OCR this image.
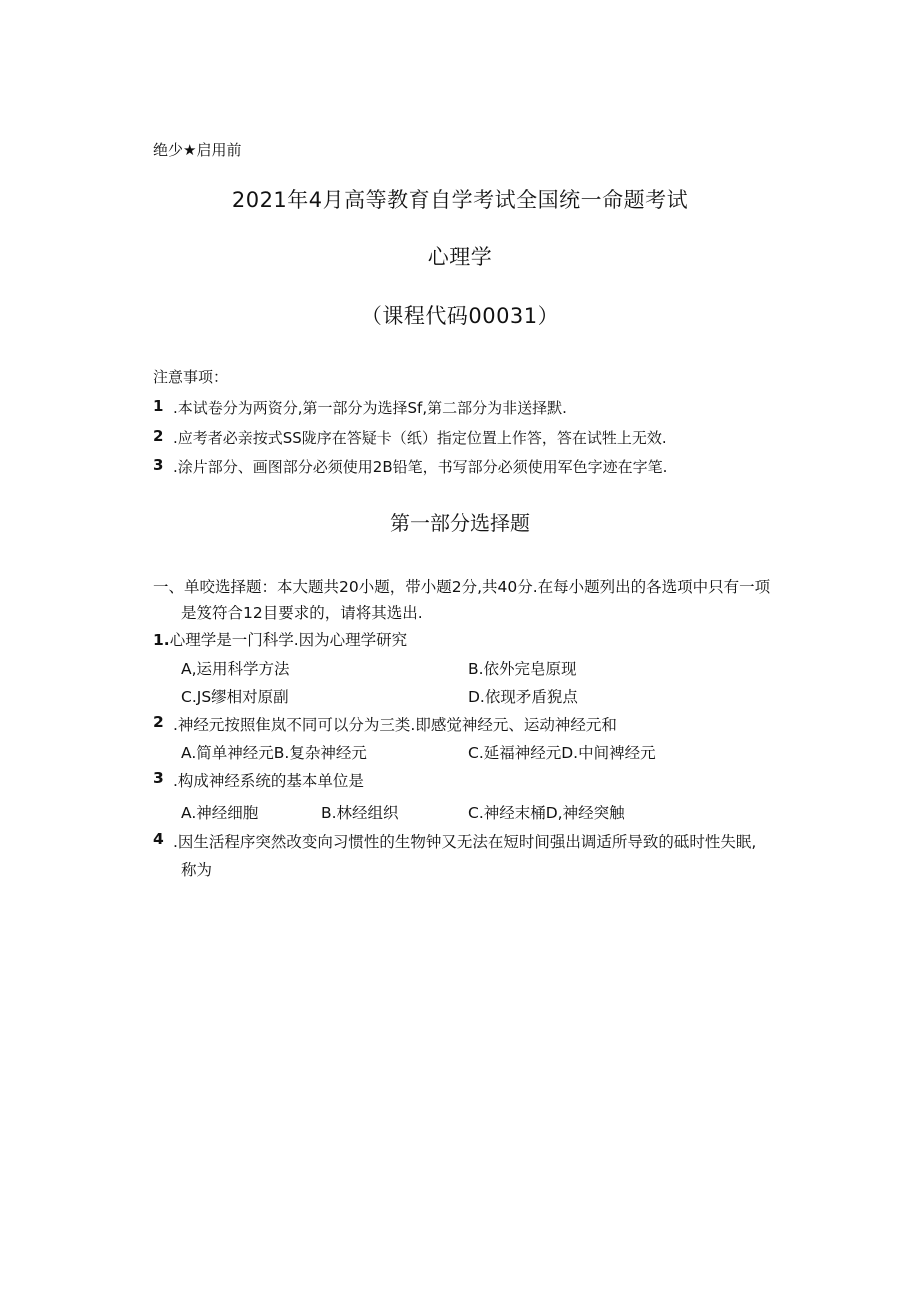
绝少★启用前
2021年4月高等教育自学考试全国统一命题考试
心理学
（课程代码00031）
注意事项：
1 .本试卷分为两资分,第一部分为选择Sf,第二部分为非送择默.
2 .应考者必亲按式SS陇序在答疑卡（纸）指定位置上作答，答在试牲上无效.
3 .涂片部分、画图部分必须使用2B铅笔，书写部分必须使用军色字迹在字笔.
第一部分选择题
一、单咬选择题：本大题共20小题，带小题2分,共40分.在每小题列出的各选项中只有一项
是笈符合12目要求的，请将其选出.
1.心理学是一门科学.因为心理学研究
A,运用科学方法	B.依外完皂原现
C.JS缪相对原副	D.依现矛盾猊点
2 .神经元按照隹岚不同可以分为三类.即感觉神经元、运动神经元和
A.简单神经元B.复杂神经元	C.延福神经元D.中间裨经元
3 .构成神经系统的基本单位是
A.神经细胞	B.林经组织	C.神经末桶D,神经突触
4 .因生活程序突然改变向习惯性的生物钟又无法在短时间强出调适所导致的砥时性失眠,
称为
